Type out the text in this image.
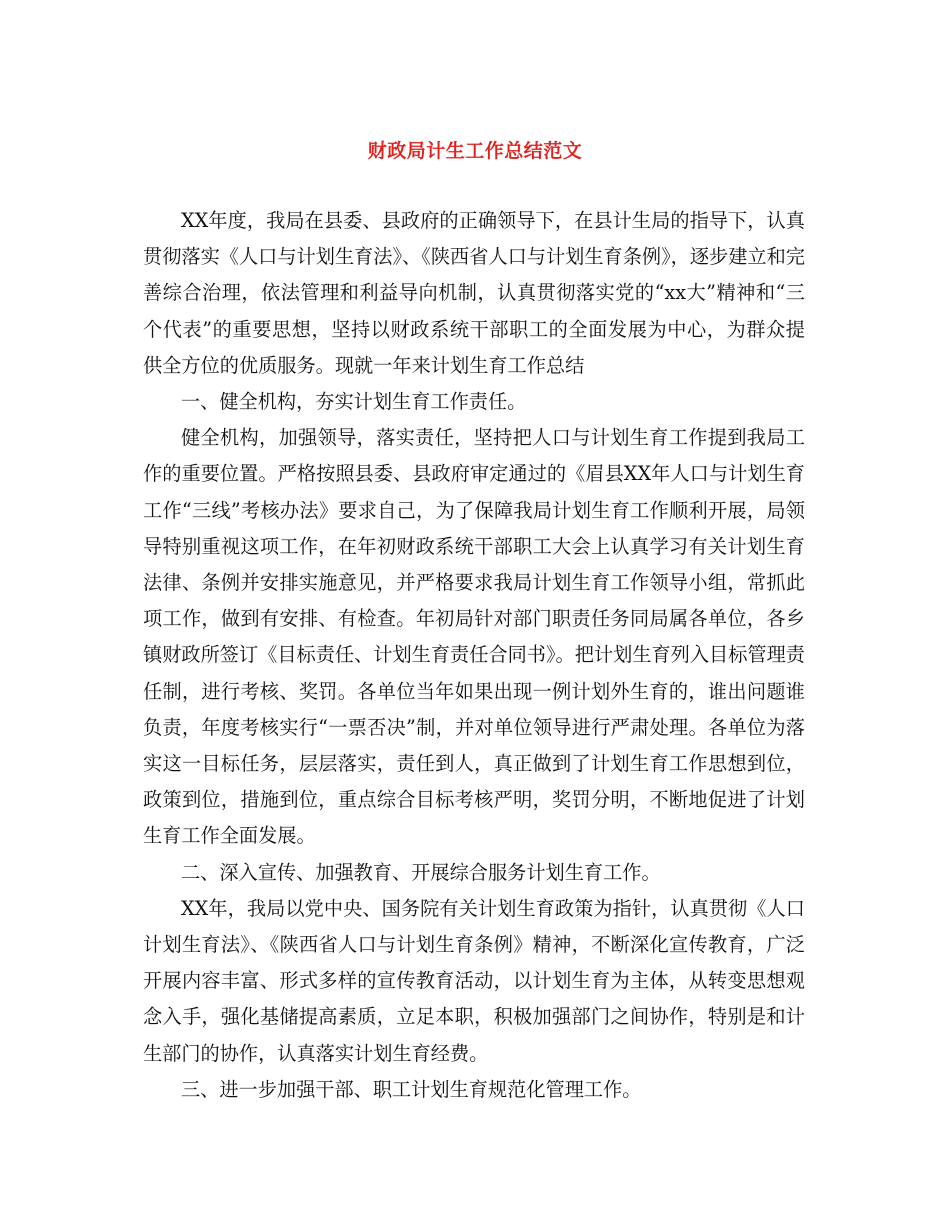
财政局计生工作总结范文

XX年度，我局在县委、县政府的正确领导下，在县计生局的指导下，认真贯彻落实《人口与计划生育法》、《陕西省人口与计划生育条例》，逐步建立和完善综合治理，依法管理和利益导向机制，认真贯彻落实党的“xx大”精神和“三个代表”的重要思想，坚持以财政系统干部职工的全面发展为中心，为群众提供全方位的优质服务。现就一年来计划生育工作总结

一、健全机构，夯实计划生育工作责任。

健全机构，加强领导，落实责任，坚持把人口与计划生育工作提到我局工作的重要位置。严格按照县委、县政府审定通过的《眉县XX年人口与计划生育工作“三线”考核办法》要求自己，为了保障我局计划生育工作顺利开展，局领导特别重视这项工作，在年初财政系统干部职工大会上认真学习有关计划生育法律、条例并安排实施意见，并严格要求我局计划生育工作领导小组，常抓此项工作，做到有安排、有检查。年初局针对部门职责任务同局属各单位，各乡镇财政所签订《目标责任、计划生育责任合同书》。把计划生育列入目标管理责任制，进行考核、奖罚。各单位当年如果出现一例计划外生育的，谁出问题谁负责，年度考核实行“一票否决”制，并对单位领导进行严肃处理。各单位为落实这一目标任务，层层落实，责任到人，真正做到了计划生育工作思想到位，政策到位，措施到位，重点综合目标考核严明，奖罚分明，不断地促进了计划生育工作全面发展。

二、深入宣传、加强教育、开展综合服务计划生育工作。

XX年，我局以党中央、国务院有关计划生育政策为指针，认真贯彻《人口计划生育法》、《陕西省人口与计划生育条例》精神，不断深化宣传教育，广泛开展内容丰富、形式多样的宣传教育活动，以计划生育为主体，从转变思想观念入手，强化基储提高素质，立足本职，积极加强部门之间协作，特别是和计生部门的协作，认真落实计划生育经费。

三、进一步加强干部、职工计划生育规范化管理工作。
